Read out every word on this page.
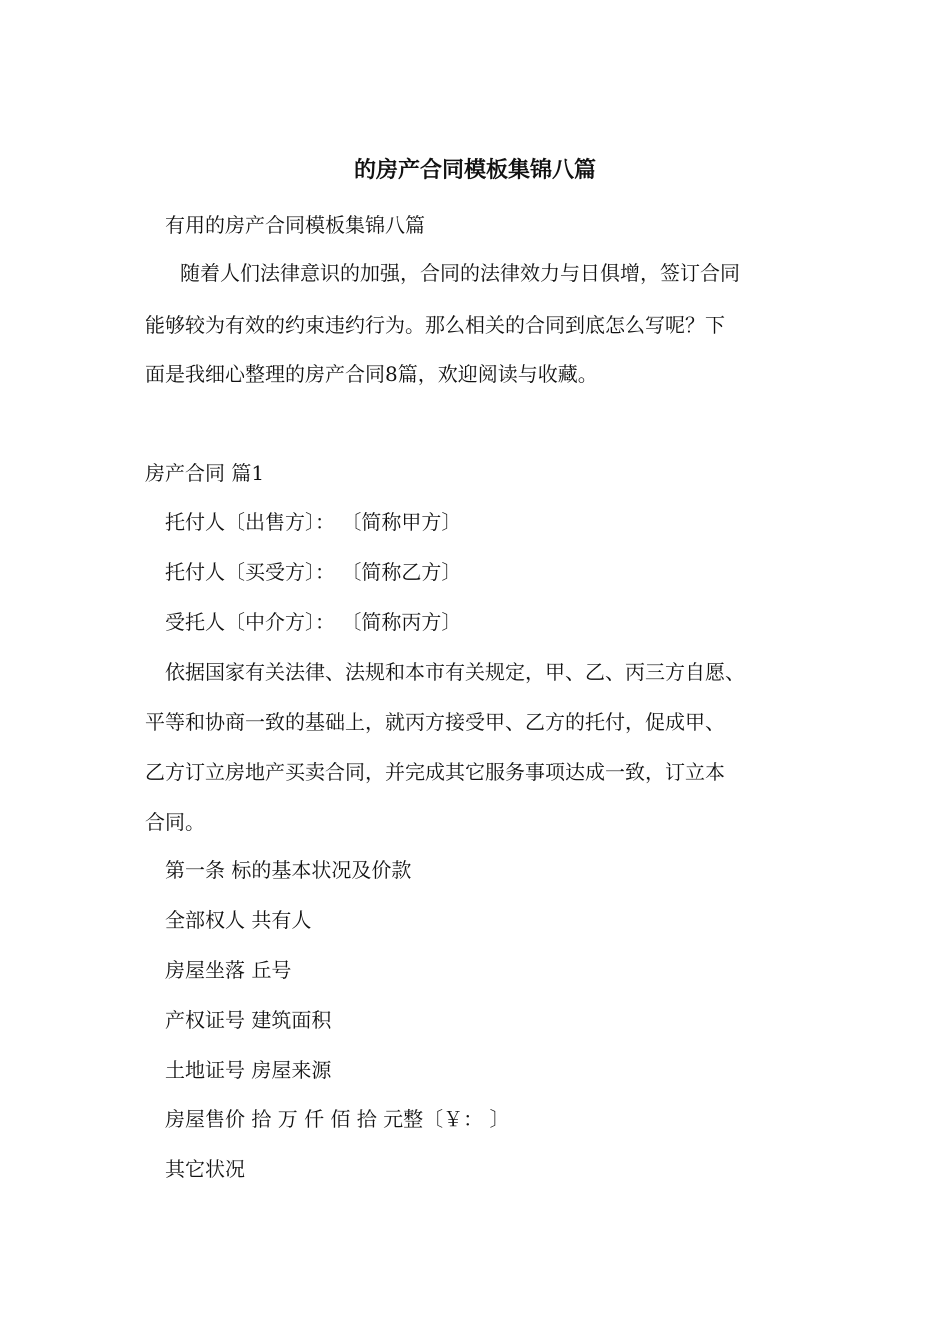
的房产合同模板集锦八篇
有用的房产合同模板集锦八篇
随着人们法律意识的加强，合同的法律效力与日俱增，签订合同
能够较为有效的约束违约行为。那么相关的合同到底怎么写呢？下
面是我细心整理的房产合同8篇，欢迎阅读与收藏。
房产合同 篇1
托付人〔出售方〕： 〔简称甲方〕
托付人〔买受方〕： 〔简称乙方〕
受托人〔中介方〕： 〔简称丙方〕
依据国家有关法律、法规和本市有关规定，甲、乙、丙三方自愿、
平等和协商一致的基础上，就丙方接受甲、乙方的托付，促成甲、
乙方订立房地产买卖合同，并完成其它服务事项达成一致，订立本
合同。
第一条 标的基本状况及价款
全部权人 共有人
房屋坐落 丘号
产权证号 建筑面积
土地证号 房屋来源
房屋售价 拾 万 仟 佰 拾 元整〔￥： 〕
其它状况
